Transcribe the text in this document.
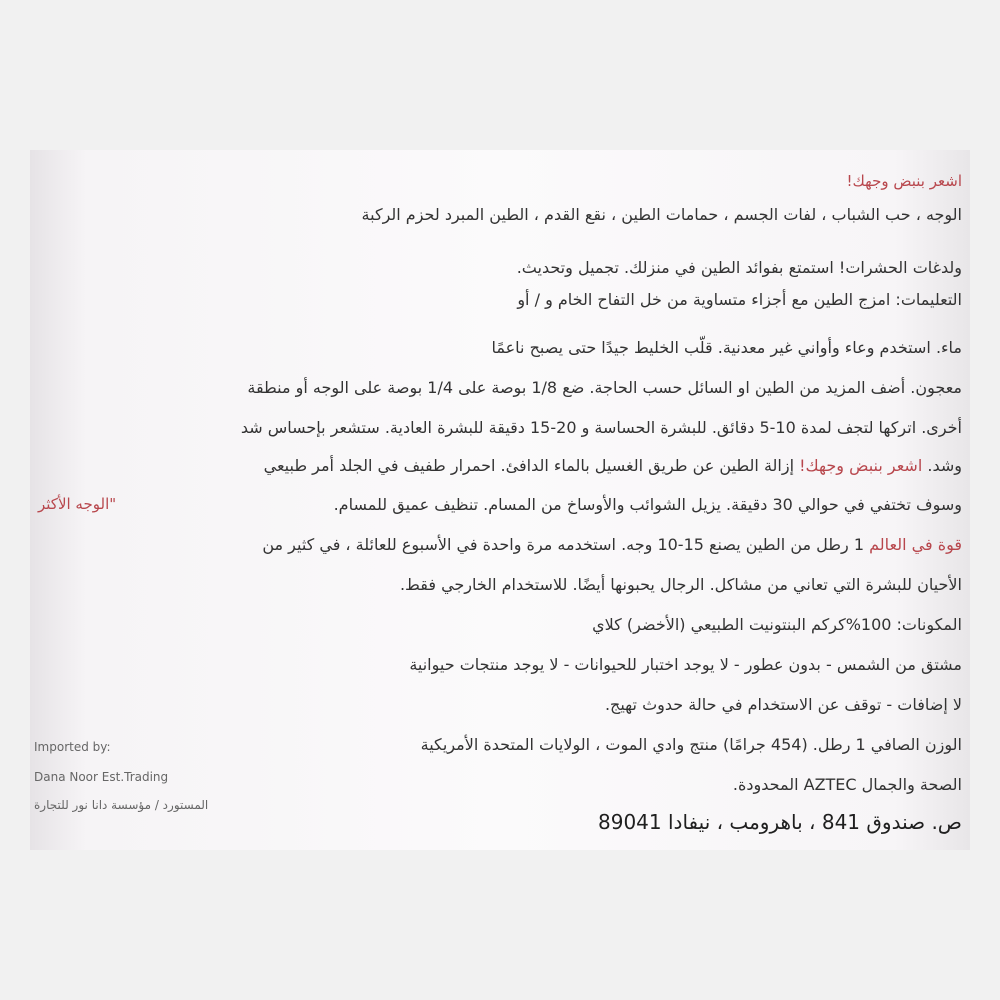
اشعر بنبض وجهك!
الوجه ، حب الشباب ، لفات الجسم ، حمامات الطين ، نقع القدم ، الطين المبرد لحزم الركبة
ولدغات الحشرات! استمتع بفوائد الطين في منزلك. تجميل وتحديث.
التعليمات: امزج الطين مع أجزاء متساوية من خل التفاح الخام و / أو
ماء. استخدم وعاء وأواني غير معدنية. قلّب الخليط جيدًا حتى يصبح ناعمًا
معجون. أضف المزيد من الطين او السائل حسب الحاجة. ضع 1/8 بوصة على 1/4 بوصة على الوجه أو منطقة
أخرى. اتركها لتجف لمدة 10-5 دقائق. للبشرة الحساسة و 20-15 دقيقة للبشرة العادية. ستشعر بإحساس شد
وشد. اشعر بنبض وجهك! إزالة الطين عن طريق الغسيل بالماء الدافئ. احمرار طفيف في الجلد أمر طبيعي
وسوف تختفي في حوالي 30 دقيقة. يزيل الشوائب والأوساخ من المسام. تنظيف عميق للمسام.
"الوجه الأكثر
قوة في العالم 1 رطل من الطين يصنع 15-10 وجه. استخدمه مرة واحدة في الأسبوع للعائلة ، في كثير من
الأحيان للبشرة التي تعاني من مشاكل. الرجال يحبونها أيضًا. للاستخدام الخارجي فقط.
المكونات: 100%كركم البنتونيت الطبيعي (الأخضر) كلاي
مشتق من الشمس - بدون عطور - لا يوجد اختبار للحيوانات - لا يوجد منتجات حيوانية
لا إضافات - توقف عن الاستخدام في حالة حدوث تهيج.
الوزن الصافي 1 رطل. (454 جرامًا) منتج وادي الموت ، الولايات المتحدة الأمريكية
الصحة والجمال AZTEC المحدودة.
ص. صندوق 841 ، باهرومب ، نيفادا 89041
Imported by:
Dana Noor Est.Trading
المستورد / مؤسسة دانا نور للتجارة
